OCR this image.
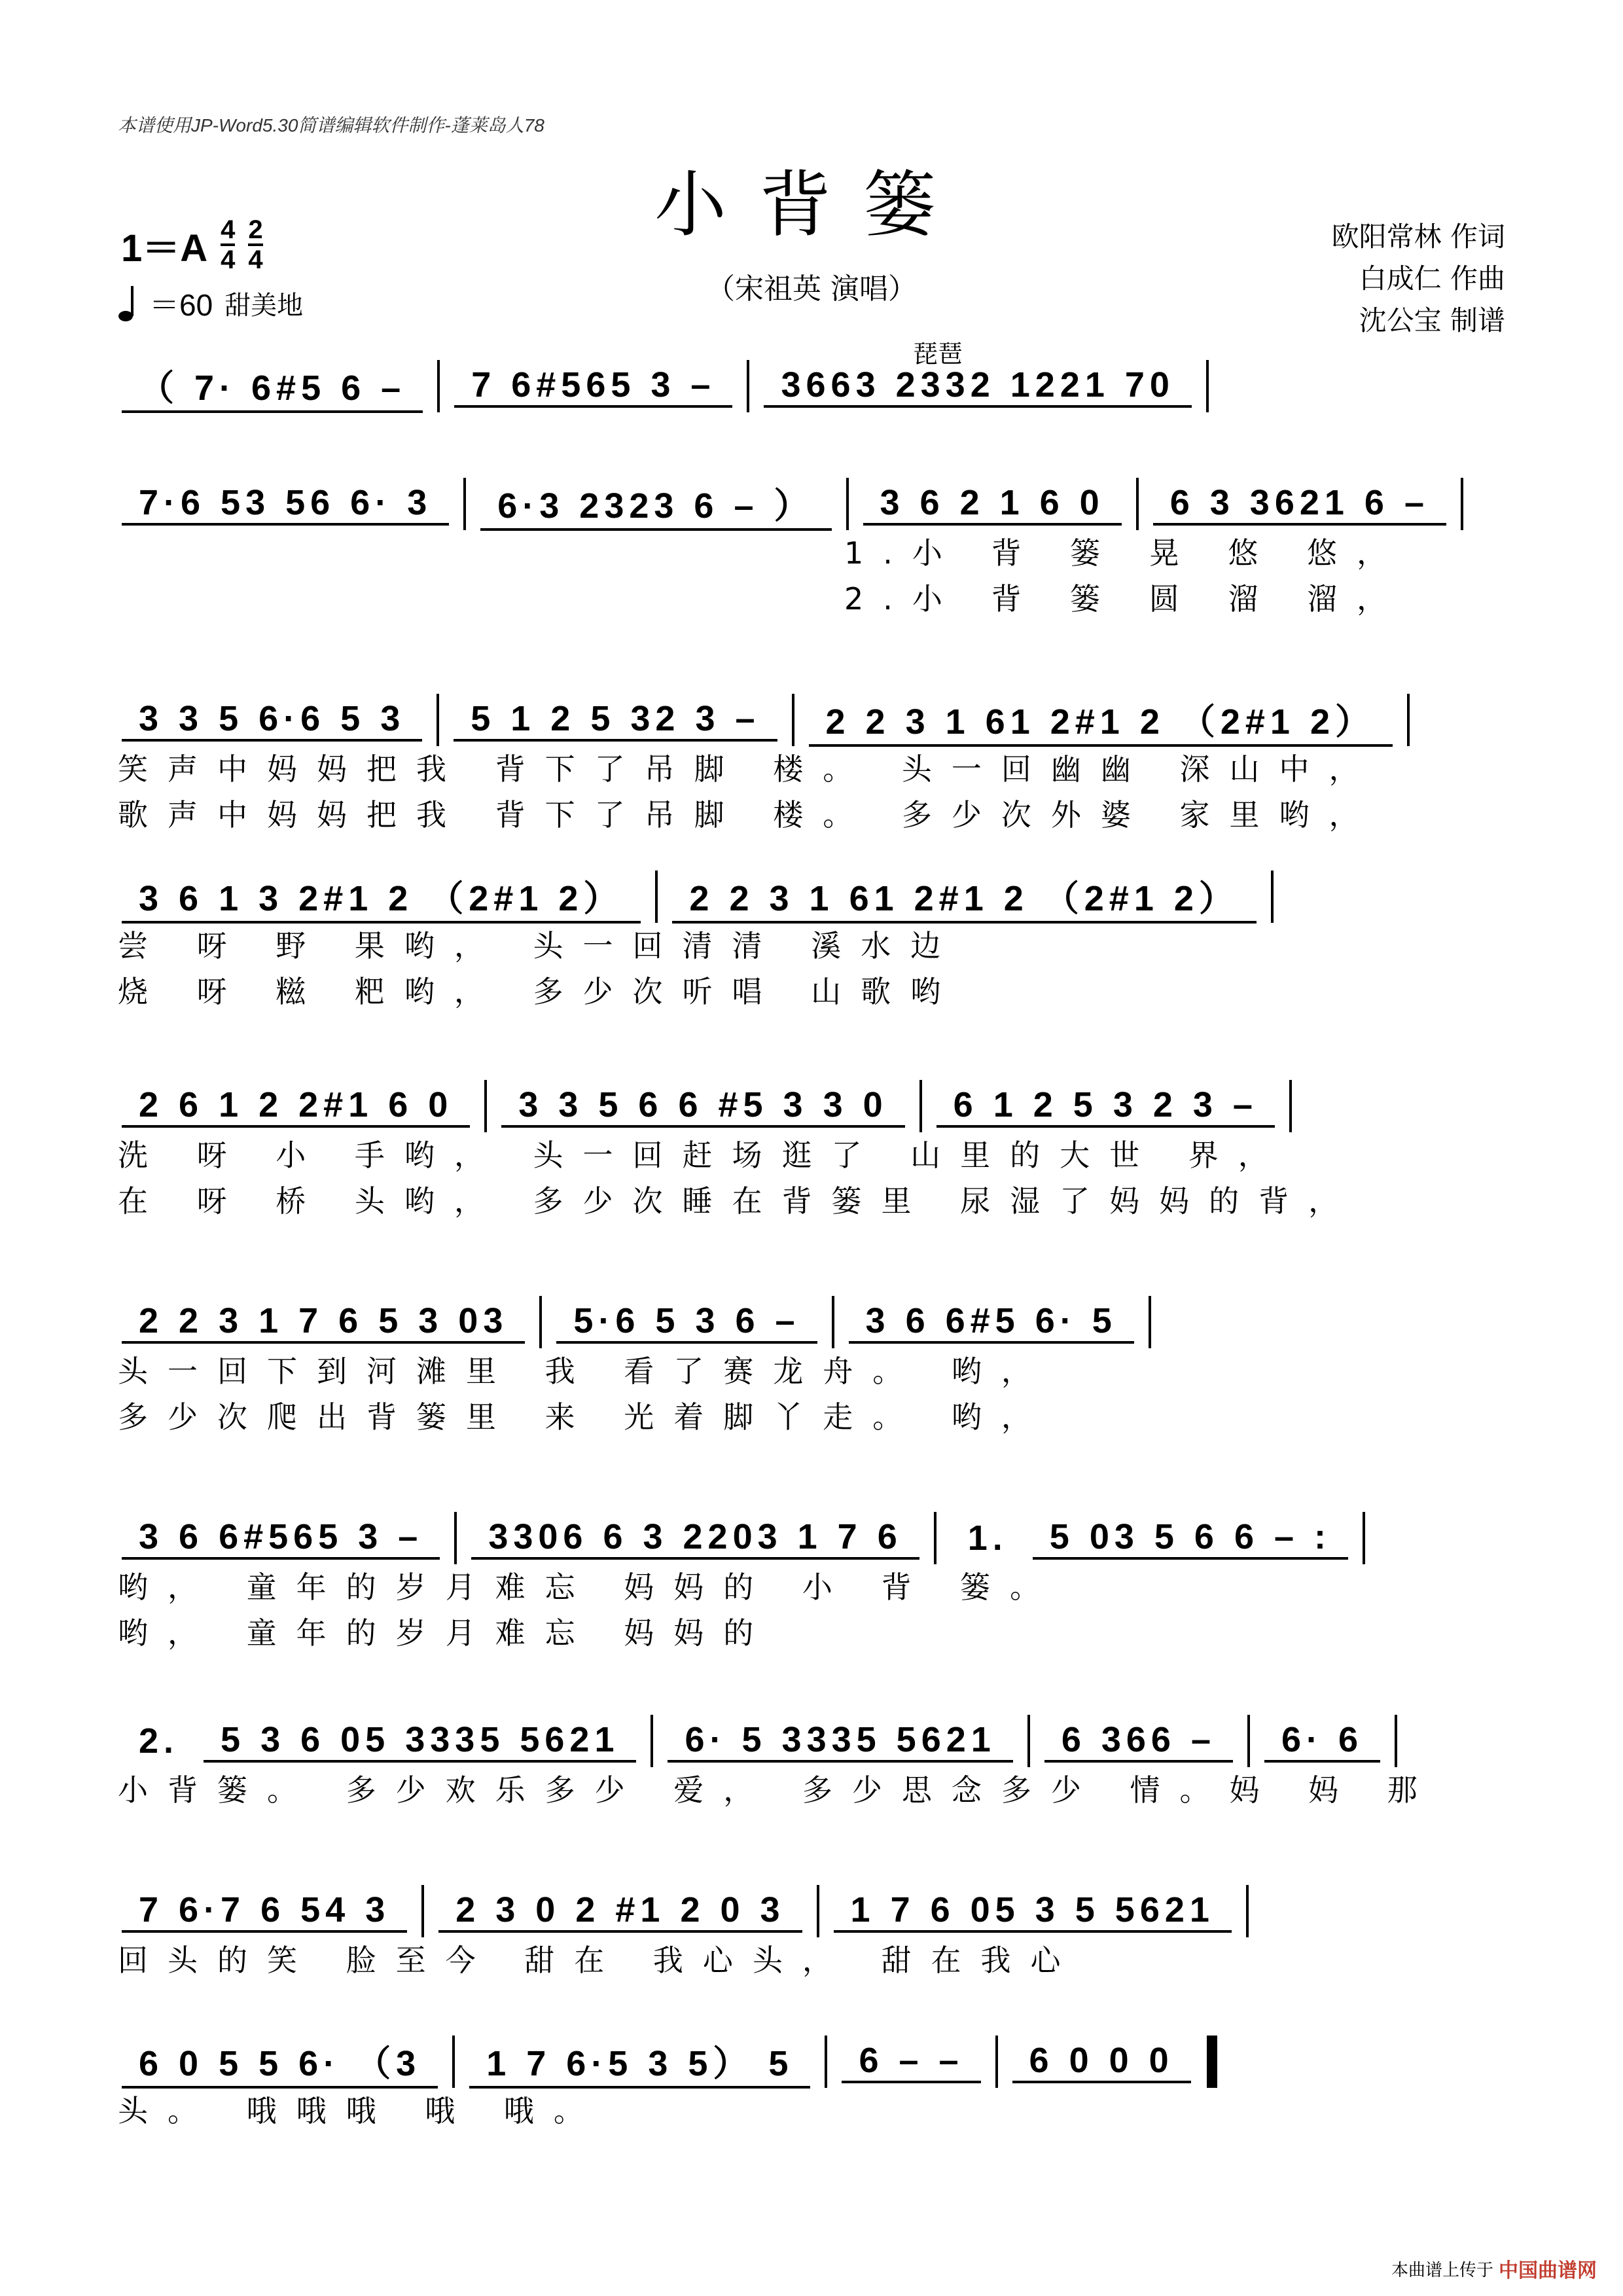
本谱使用JP-Word5.30简谱编辑软件制作-蓬莱岛人78
小背篓
（宋祖英 演唱）
$1=A \frac{4}{4} \frac{2}{4}$
＝60 甜美地
欧阳常林 作词
白成仁 作曲
沈公宝 制谱
琵琶
（ 7· 6#5 6 –	7 6#565 3 –	3663 2332 1221 70
7·6 53 56 6· 3	6·3 2323 6 – ）	3 6 2 1 6 0	6 3 3621 6 –
1.小 背 篓 晃 悠 悠，
2.小 背 篓 圆 溜 溜，
3 3 5 6·6 5 3	5 1 2 5 32 3 –	2 2 3 1 61 2#1 2 （2#1 2）
笑声中妈妈把我 背下了吊脚 楼。 头一回幽幽 深山中，
歌声中妈妈把我 背下了吊脚 楼。 多少次外婆 家里哟，
3 6 1 3 2#1 2 （2#1 2）	2 2 3 1 61 2#1 2 （2#1 2）
尝 呀 野 果哟， 头一回清清 溪水边
烧 呀 糍 粑哟， 多少次听唱 山歌哟
2 6 1 2 2#1 6 0	3 3 5 6 6 #5 3 3 0	6 1 2 5 3 2 3 –
洗 呀 小 手哟， 头一回赶场逛了 山里的大世 界，
在 呀 桥 头哟， 多少次睡在背篓里 尿湿了妈妈的背，
2 2 3 1 7 6 5 3 03	5·6 5 3 6 –	3 6 6#5 6· 5
头一回下到河滩里 我 看了赛龙舟。 哟，
多少次爬出背篓里 来 光着脚丫走。 哟，
3 6 6#565 3 –	3306 6 3 2203 1 7 6	1.	5 03 5 6 6 – :
哟， 童年的岁月难忘 妈妈的 小 背 篓。
哟， 童年的岁月难忘 妈妈的
2.	5 3 6 05 3335 5621	6· 5 3335 5621	6 366 –	6· 6
小背篓。 多少欢乐多少 爱， 多少思念多少 情。妈 妈 那
7 6·7 6 54 3	2 3 0 2 #1 2 0 3	1 7 6 05 3 5 5621
回头的笑 脸至今 甜在 我心头， 甜在我心
6 0 5 5 6· （3	1 7 6·5 3 5） 5	6 – –	6 0 0 0
头。 哦哦哦 哦 哦。
本曲谱上传于 中国曲谱网
